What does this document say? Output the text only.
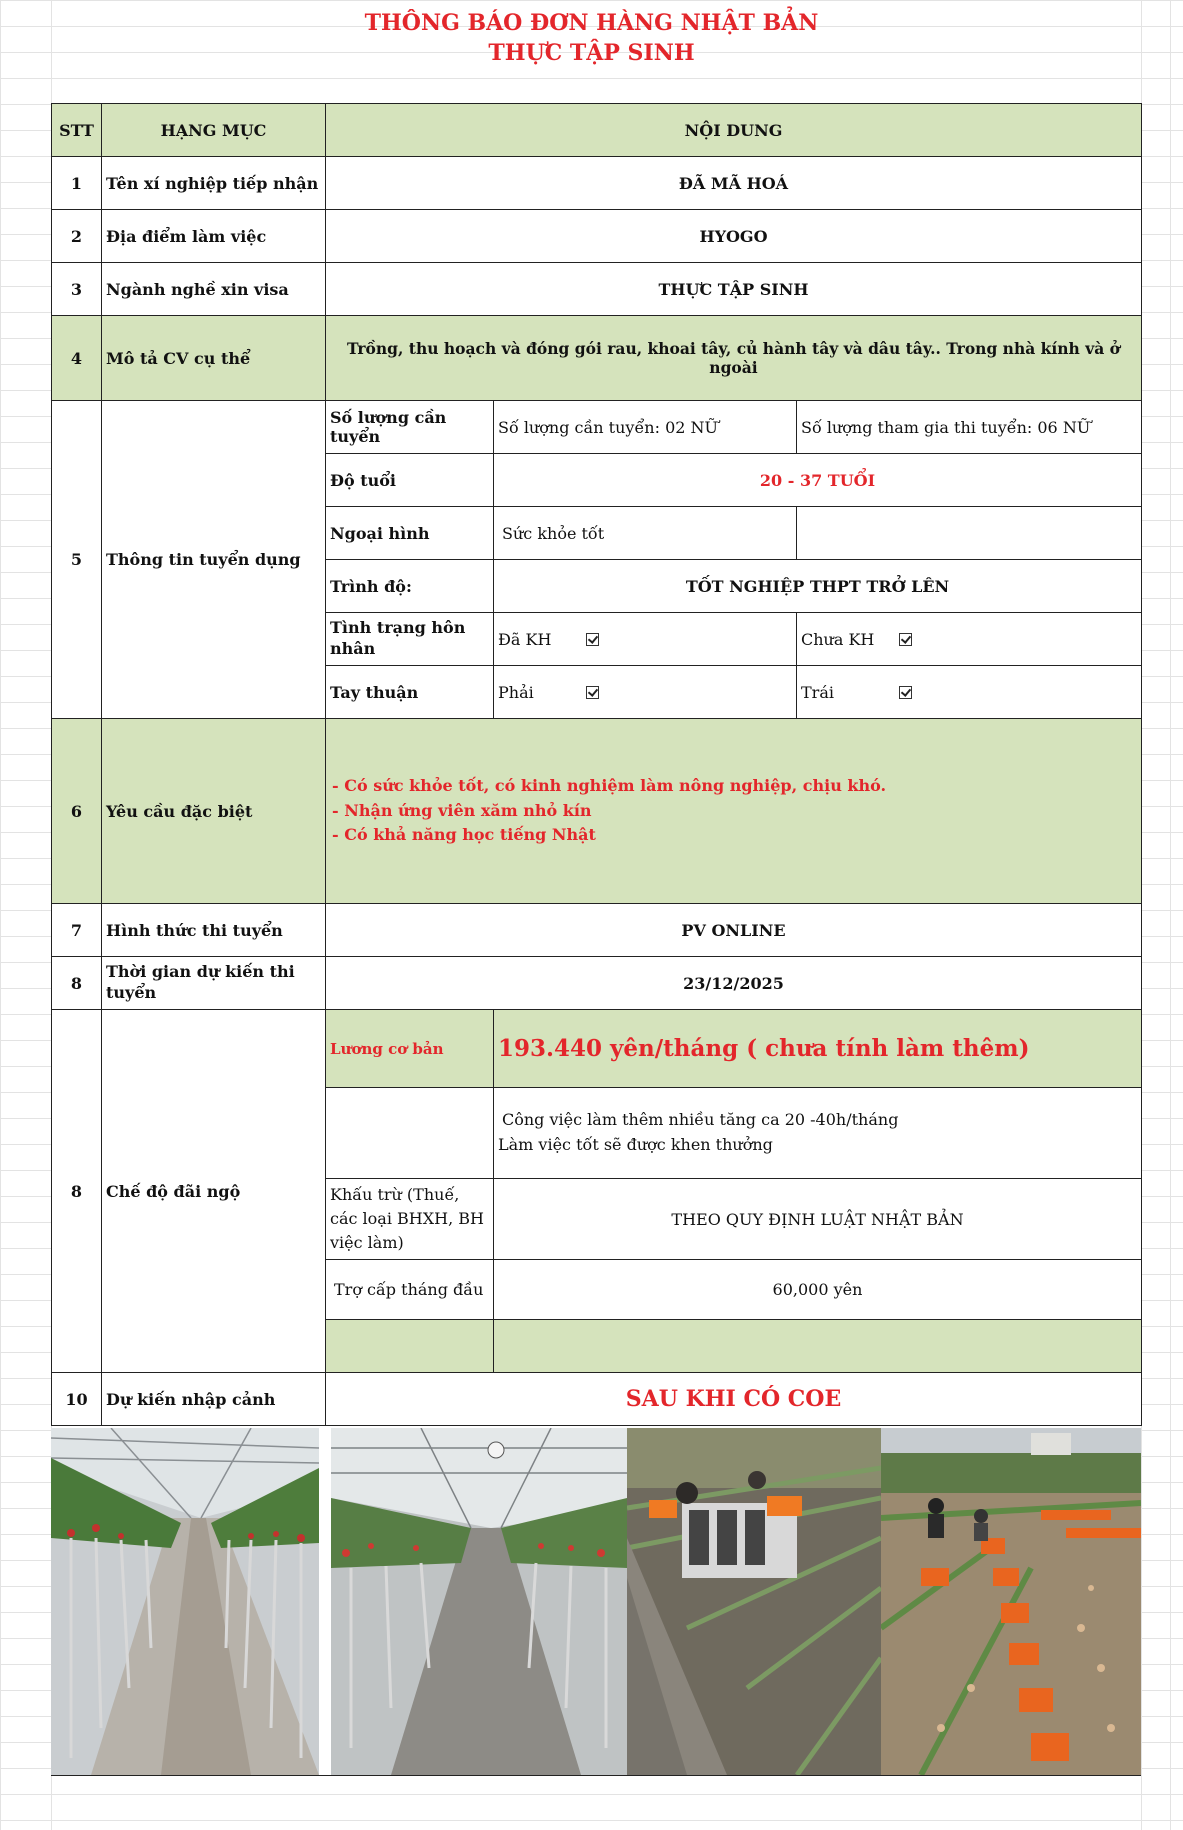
THÔNG BÁO ĐƠN HÀNG NHẬT BẢN
THỰC TẬP SINH
STT	HẠNG MỤC	NỘI DUNG		
1	Tên xí nghiệp tiếp nhận	ĐÃ MÃ HOÁ		
2	Địa điểm làm việc	HYOGO		
3	Ngành nghề xin visa	THỰC TẬP SINH		
4	Mô tả CV cụ thể	Trồng, thu hoạch và đóng gói rau, khoai tây, củ hành tây và dâu tây.. Trong nhà kính và ở ngoài		
5	Thông tin tuyển dụng	Số lượng cần tuyển	Số lượng cần tuyển: 02 NỮ	Số lượng tham gia thi tuyển: 06 NỮ
		Độ tuổi	20 - 37 TUỔI	
		Ngoại hình	Sức khỏe tốt	
		Trình độ:	TỐT NGHIỆP THPT TRỞ LÊN	
		Tình trạng hôn nhân	Đã KH	Chưa KH

		Tay thuận	Phải	Trái

6	Yêu cầu đặc biệt	- Có sức khỏe tốt, có kinh nghiệm làm nông nghiệp, chịu khó.
- Nhận ứng viên xăm nhỏ kín
- Có khả năng học tiếng Nhật		

7	Hình thức thi tuyển	PV ONLINE		
8	Thời gian dự kiến thi tuyển	23/12/2025		
8	Chế độ đãi ngộ	Lương cơ bản	193.440 yên/tháng ( chưa tính làm thêm)	

			Công việc làm thêm nhiều tăng ca 20 -40h/tháng
Làm việc tốt sẽ được khen thưởng	

		Khấu trừ (Thuế, các loại BHXH, BH việc làm)	THEO QUY ĐỊNH LUẬT NHẬT BẢN	
		Trợ cấp tháng đầu	60,000 yên	

10	Dự kiến nhập cảnh	SAU KHI CÓ COE		
